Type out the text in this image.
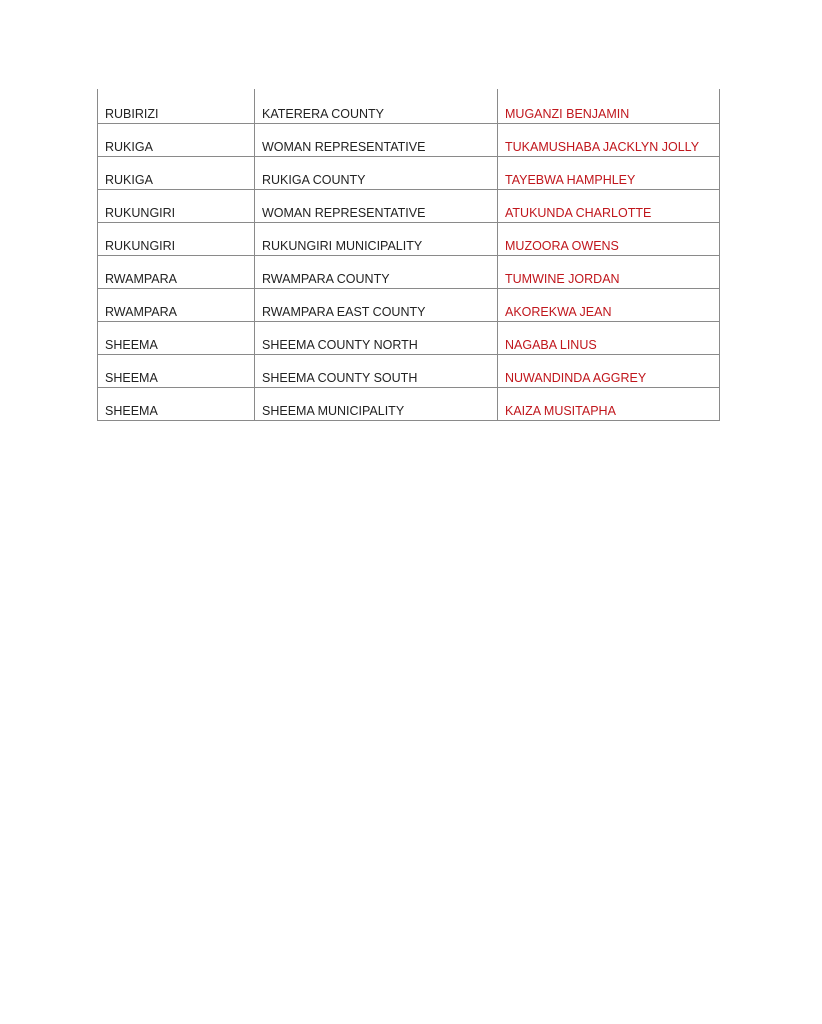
RUBIRIZI	KATERERA COUNTY	MUGANZI BENJAMIN
RUKIGA	WOMAN REPRESENTATIVE	TUKAMUSHABA JACKLYN JOLLY
RUKIGA	RUKIGA COUNTY	TAYEBWA HAMPHLEY
RUKUNGIRI	WOMAN REPRESENTATIVE	ATUKUNDA CHARLOTTE
RUKUNGIRI	RUKUNGIRI MUNICIPALITY	MUZOORA OWENS
RWAMPARA	RWAMPARA COUNTY	TUMWINE JORDAN
RWAMPARA	RWAMPARA EAST COUNTY	AKOREKWA JEAN
SHEEMA	SHEEMA COUNTY NORTH	NAGABA LINUS
SHEEMA	SHEEMA COUNTY SOUTH	NUWANDINDA AGGREY
SHEEMA	SHEEMA MUNICIPALITY	KAIZA MUSITAPHA
